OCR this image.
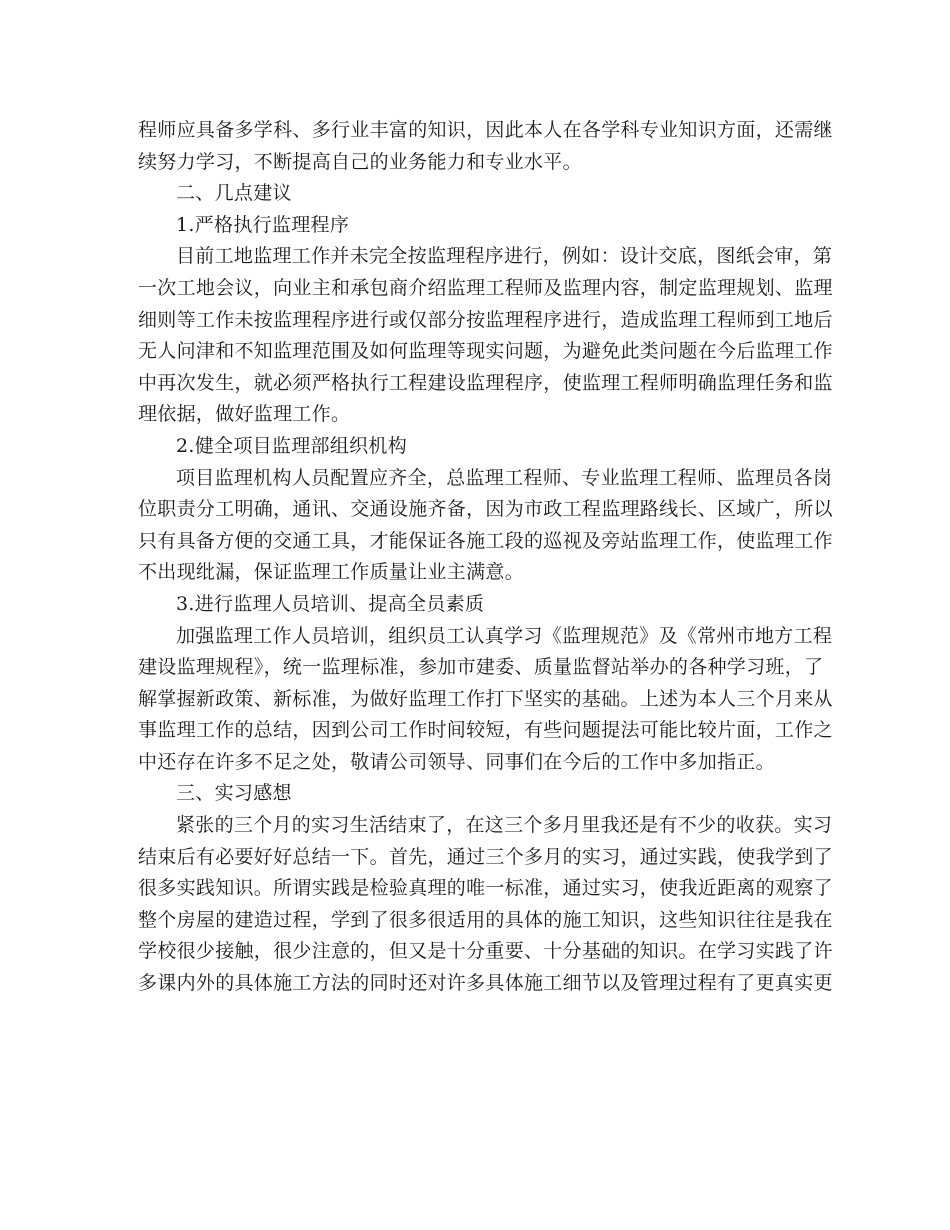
程师应具备多学科、多行业丰富的知识，因此本人在各学科专业知识方面，还需继
续努力学习，不断提高自己的业务能力和专业水平。
二、几点建议
1.严格执行监理程序
目前工地监理工作并未完全按监理程序进行，例如：设计交底，图纸会审，第
一次工地会议，向业主和承包商介绍监理工程师及监理内容，制定监理规划、监理
细则等工作未按监理程序进行或仅部分按监理程序进行，造成监理工程师到工地后
无人问津和不知监理范围及如何监理等现实问题，为避免此类问题在今后监理工作
中再次发生，就必须严格执行工程建设监理程序，使监理工程师明确监理任务和监
理依据，做好监理工作。
2.健全项目监理部组织机构
项目监理机构人员配置应齐全，总监理工程师、专业监理工程师、监理员各岗
位职责分工明确，通讯、交通设施齐备，因为市政工程监理路线长、区域广，所以
只有具备方便的交通工具，才能保证各施工段的巡视及旁站监理工作，使监理工作
不出现纰漏，保证监理工作质量让业主满意。
3.进行监理人员培训、提高全员素质
加强监理工作人员培训，组织员工认真学习《监理规范》及《常州市地方工程
建设监理规程》，统一监理标准，参加市建委、质量监督站举办的各种学习班，了
解掌握新政策、新标准，为做好监理工作打下坚实的基础。上述为本人三个月来从
事监理工作的总结，因到公司工作时间较短，有些问题提法可能比较片面，工作之
中还存在许多不足之处，敬请公司领导、同事们在今后的工作中多加指正。
三、实习感想
紧张的三个月的实习生活结束了，在这三个多月里我还是有不少的收获。实习
结束后有必要好好总结一下。首先，通过三个多月的实习，通过实践，使我学到了
很多实践知识。所谓实践是检验真理的唯一标准，通过实习，使我近距离的观察了
整个房屋的建造过程，学到了很多很适用的具体的施工知识，这些知识往往是我在
学校很少接触，很少注意的，但又是十分重要、十分基础的知识。在学习实践了许
多课内外的具体施工方法的同时还对许多具体施工细节以及管理过程有了更真实更
